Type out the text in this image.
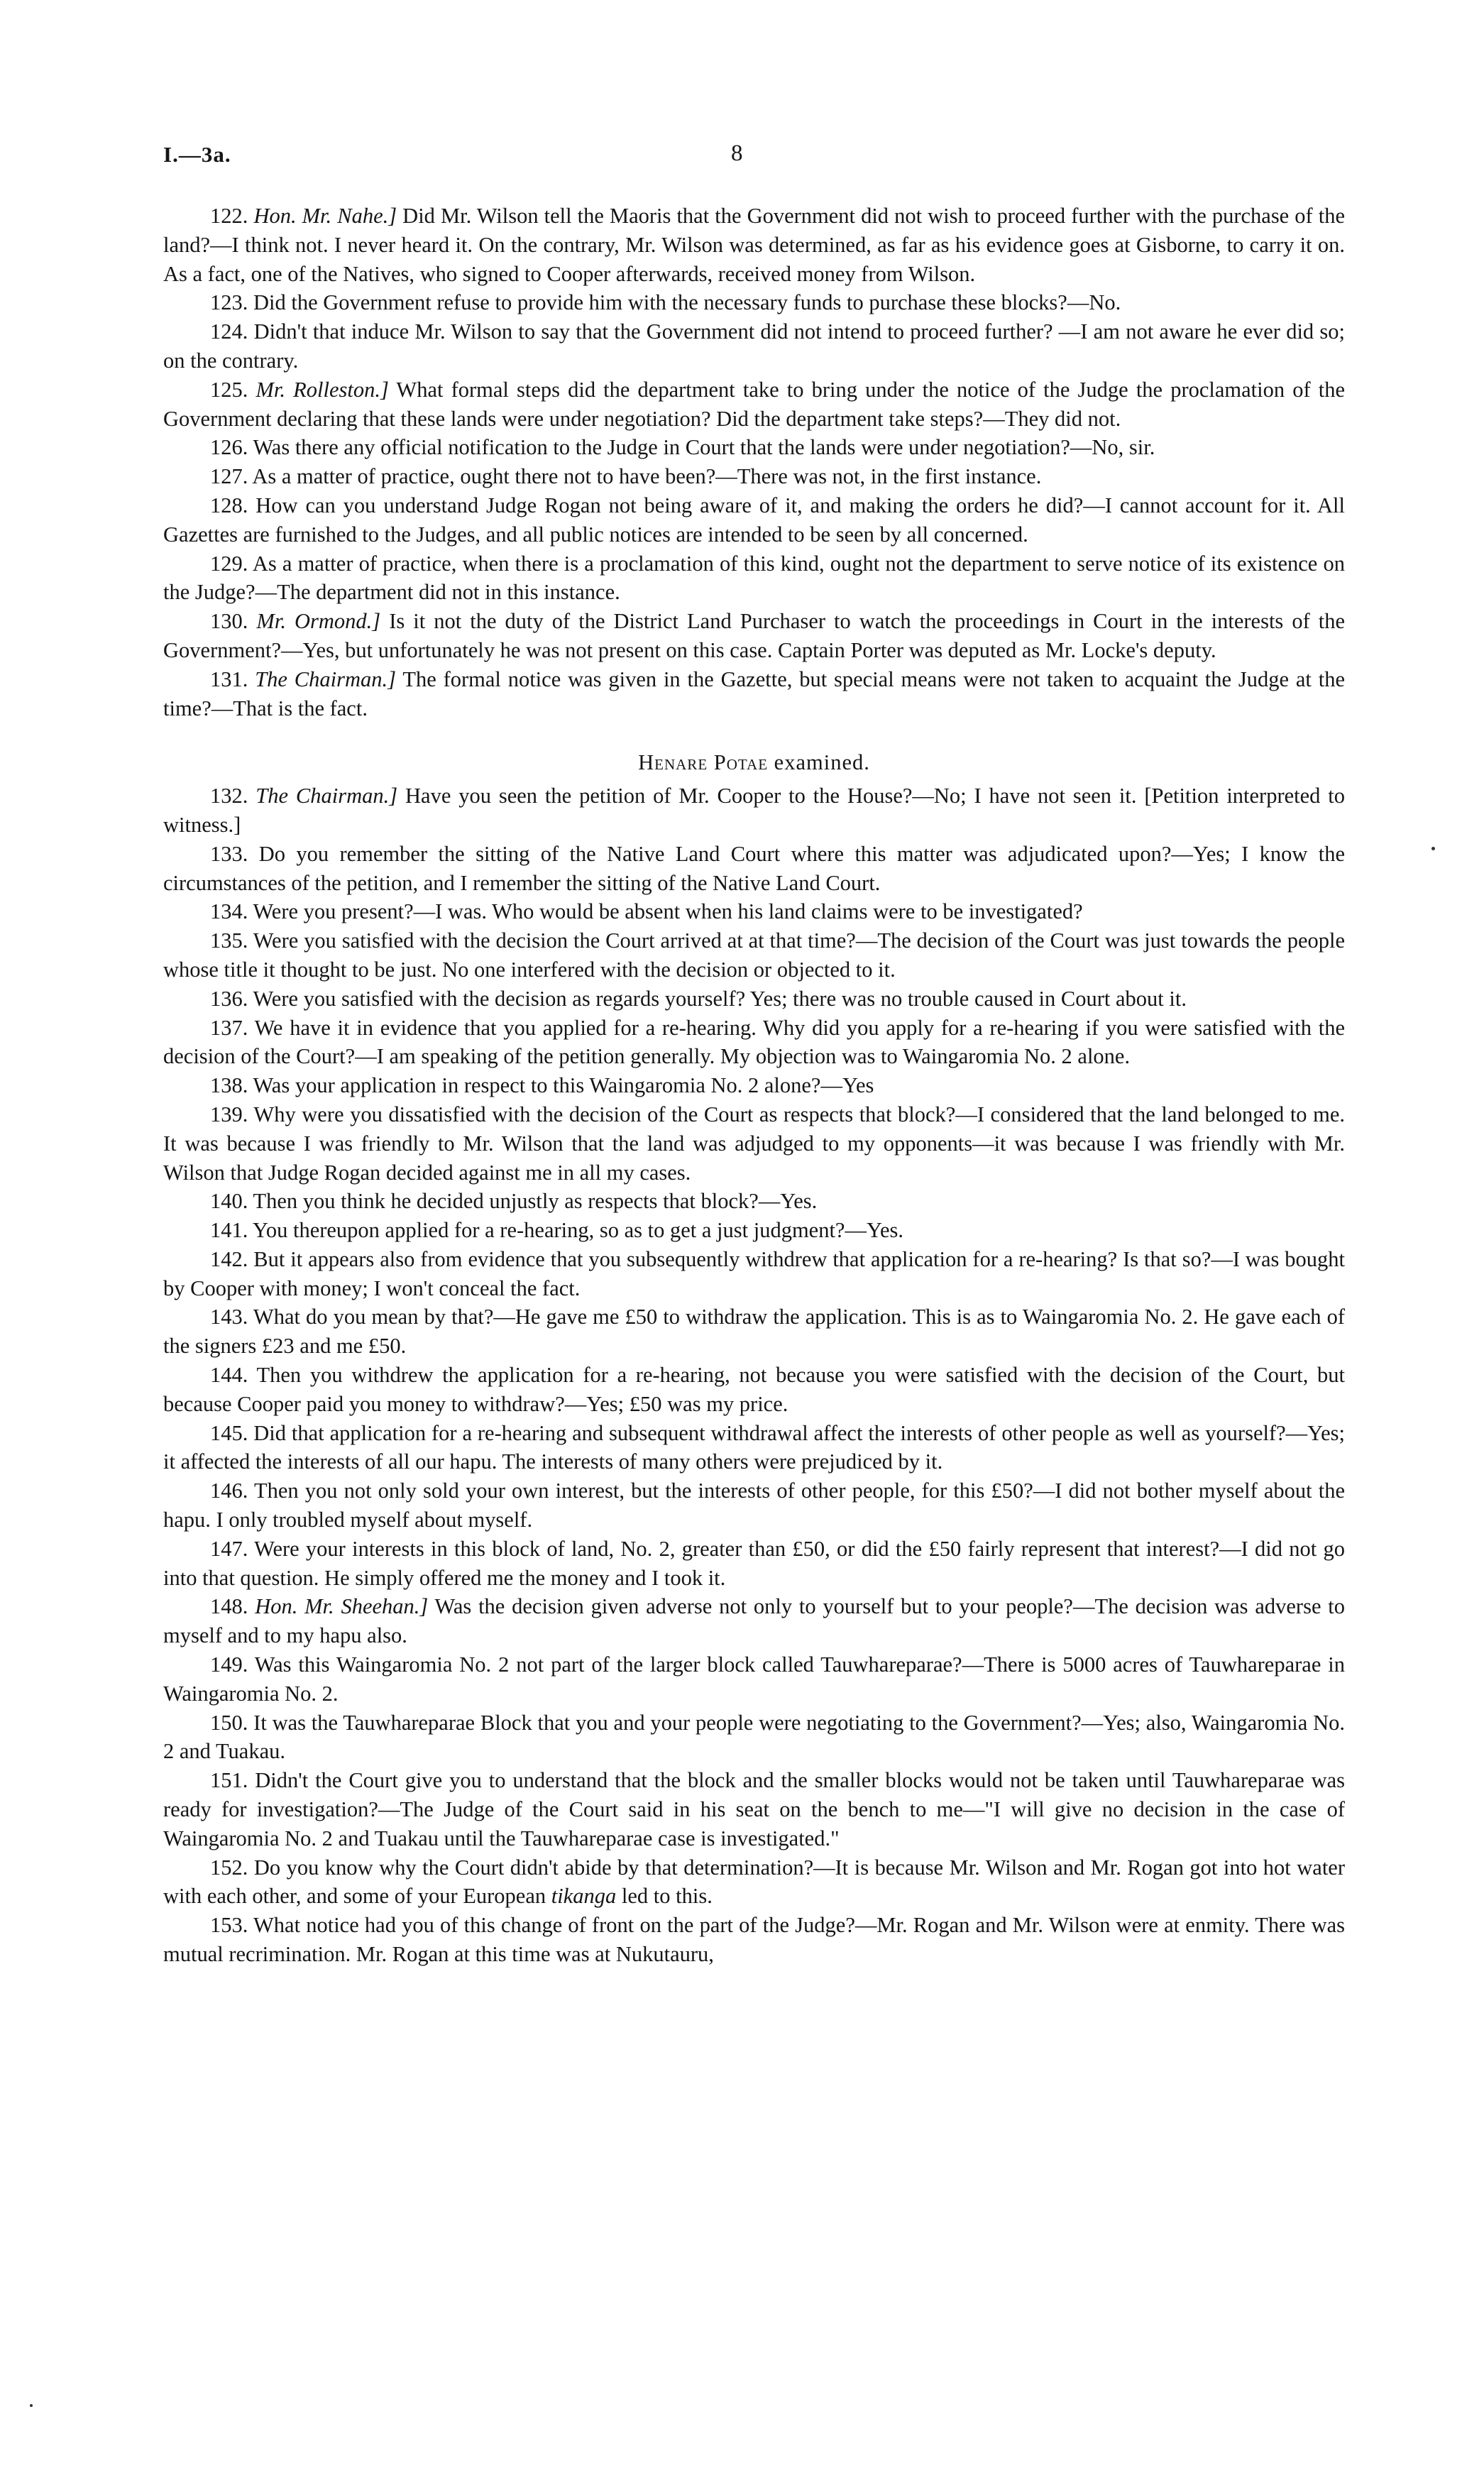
I.—3a.	8

122. Hon. Mr. Nahe.] Did Mr. Wilson tell the Maoris that the Government did not wish to proceed further with the purchase of the land?—I think not. I never heard it. On the contrary, Mr. Wilson was determined, as far as his evidence goes at Gisborne, to carry it on. As a fact, one of the Natives, who signed to Cooper afterwards, received money from Wilson.

123. Did the Government refuse to provide him with the necessary funds to purchase these blocks?—No.

124. Didn't that induce Mr. Wilson to say that the Government did not intend to proceed further? —I am not aware he ever did so; on the contrary.

125. Mr. Rolleston.] What formal steps did the department take to bring under the notice of the Judge the proclamation of the Government declaring that these lands were under negotiation? Did the department take steps?—They did not.

126. Was there any official notification to the Judge in Court that the lands were under negotiation?—No, sir.

127. As a matter of practice, ought there not to have been?—There was not, in the first instance.

128. How can you understand Judge Rogan not being aware of it, and making the orders he did?—I cannot account for it. All Gazettes are furnished to the Judges, and all public notices are intended to be seen by all concerned.

129. As a matter of practice, when there is a proclamation of this kind, ought not the department to serve notice of its existence on the Judge?—The department did not in this instance.

130. Mr. Ormond.] Is it not the duty of the District Land Purchaser to watch the proceedings in Court in the interests of the Government?—Yes, but unfortunately he was not present on this case. Captain Porter was deputed as Mr. Locke's deputy.

131. The Chairman.] The formal notice was given in the Gazette, but special means were not taken to acquaint the Judge at the time?—That is the fact.

Henare Potae examined.

132. The Chairman.] Have you seen the petition of Mr. Cooper to the House?—No; I have not seen it. [Petition interpreted to witness.]

133. Do you remember the sitting of the Native Land Court where this matter was adjudicated upon?—Yes; I know the circumstances of the petition, and I remember the sitting of the Native Land Court.

134. Were you present?—I was. Who would be absent when his land claims were to be investigated?

135. Were you satisfied with the decision the Court arrived at at that time?—The decision of the Court was just towards the people whose title it thought to be just. No one interfered with the decision or objected to it.

136. Were you satisfied with the decision as regards yourself? Yes; there was no trouble caused in Court about it.

137. We have it in evidence that you applied for a re-hearing. Why did you apply for a re-hearing if you were satisfied with the decision of the Court?—I am speaking of the petition generally. My objection was to Waingaromia No. 2 alone.

138. Was your application in respect to this Waingaromia No. 2 alone?—Yes

139. Why were you dissatisfied with the decision of the Court as respects that block?—I considered that the land belonged to me. It was because I was friendly to Mr. Wilson that the land was adjudged to my opponents—it was because I was friendly with Mr. Wilson that Judge Rogan decided against me in all my cases.

140. Then you think he decided unjustly as respects that block?—Yes.

141. You thereupon applied for a re-hearing, so as to get a just judgment?—Yes.

142. But it appears also from evidence that you subsequently withdrew that application for a re-hearing? Is that so?—I was bought by Cooper with money; I won't conceal the fact.

143. What do you mean by that?—He gave me £50 to withdraw the application. This is as to Waingaromia No. 2. He gave each of the signers £23 and me £50.

144. Then you withdrew the application for a re-hearing, not because you were satisfied with the decision of the Court, but because Cooper paid you money to withdraw?—Yes; £50 was my price.

145. Did that application for a re-hearing and subsequent withdrawal affect the interests of other people as well as yourself?—Yes; it affected the interests of all our hapu. The interests of many others were prejudiced by it.

146. Then you not only sold your own interest, but the interests of other people, for this £50?—I did not bother myself about the hapu. I only troubled myself about myself.

147. Were your interests in this block of land, No. 2, greater than £50, or did the £50 fairly represent that interest?—I did not go into that question. He simply offered me the money and I took it.

148. Hon. Mr. Sheehan.] Was the decision given adverse not only to yourself but to your people?—The decision was adverse to myself and to my hapu also.

149. Was this Waingaromia No. 2 not part of the larger block called Tauwhareparae?—There is 5000 acres of Tauwhareparae in Waingaromia No. 2.

150. It was the Tauwhareparae Block that you and your people were negotiating to the Government?—Yes; also, Waingaromia No. 2 and Tuakau.

151. Didn't the Court give you to understand that the block and the smaller blocks would not be taken until Tauwhareparae was ready for investigation?—The Judge of the Court said in his seat on the bench to me—"I will give no decision in the case of Waingaromia No. 2 and Tuakau until the Tauwhareparae case is investigated."

152. Do you know why the Court didn't abide by that determination?—It is because Mr. Wilson and Mr. Rogan got into hot water with each other, and some of your European tikanga led to this.

153. What notice had you of this change of front on the part of the Judge?—Mr. Rogan and Mr. Wilson were at enmity. There was mutual recrimination. Mr. Rogan at this time was at Nukutauru,
